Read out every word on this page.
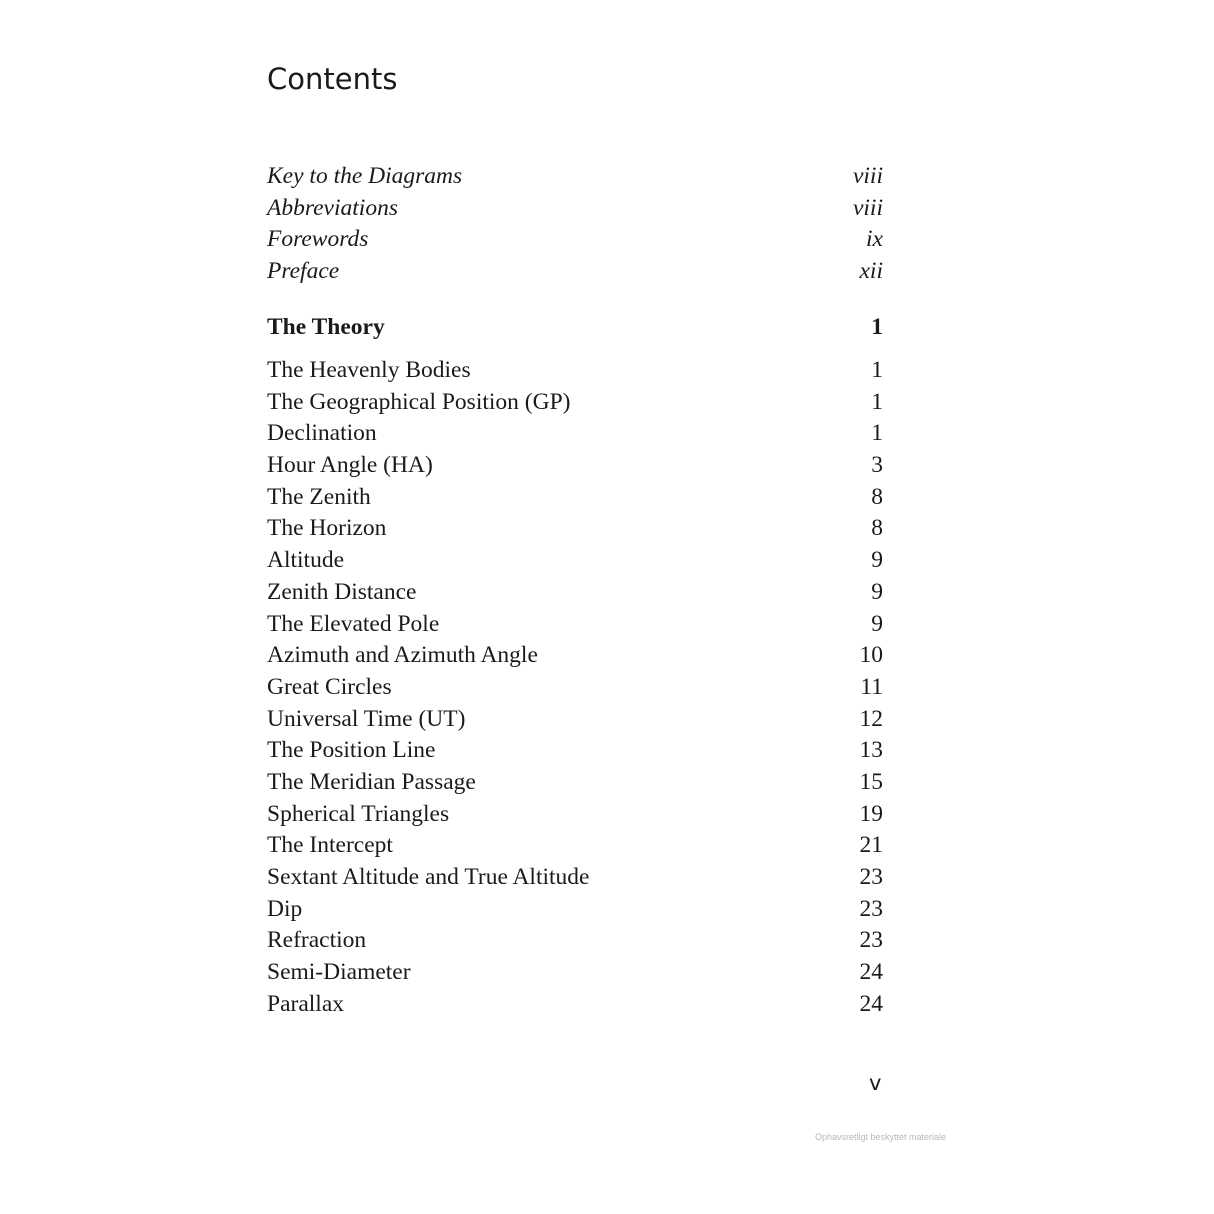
Contents
Key to the Diagrams	viii
Abbreviations	viii
Forewords	ix
Preface	xii
The Theory	1
The Heavenly Bodies	1
The Geographical Position (GP)	1
Declination	1
Hour Angle (HA)	3
The Zenith	8
The Horizon	8
Altitude	9
Zenith Distance	9
The Elevated Pole	9
Azimuth and Azimuth Angle	10
Great Circles	11
Universal Time (UT)	12
The Position Line	13
The Meridian Passage	15
Spherical Triangles	19
The Intercept	21
Sextant Altitude and True Altitude	23
Dip	23
Refraction	23
Semi-Diameter	24
Parallax	24
v
Ophavsretligt beskyttet materiale
